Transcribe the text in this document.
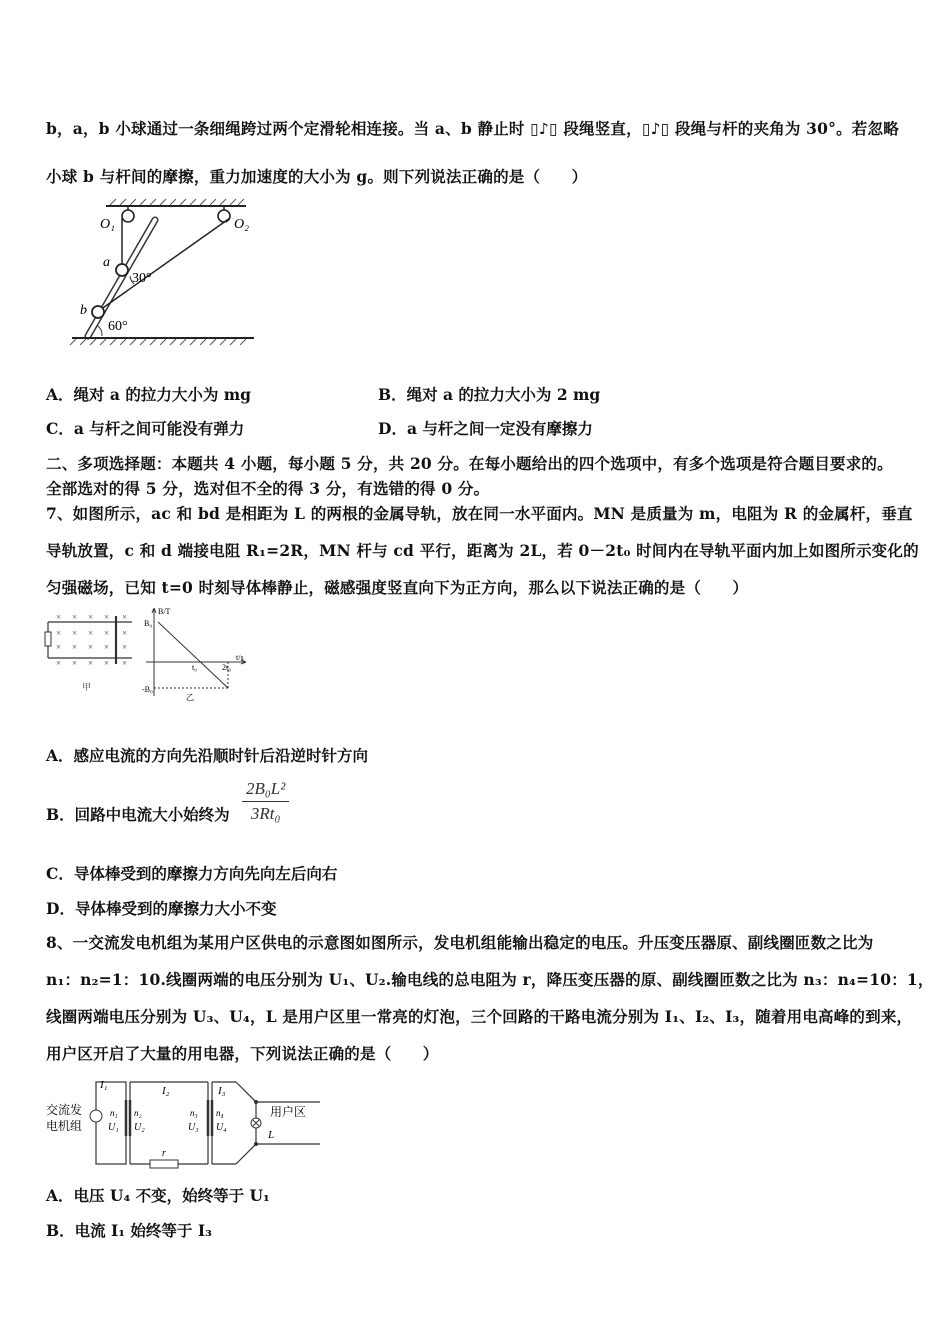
b，a，b 小球通过一条细绳跨过两个定滑轮相连接。当 a、b 静止时 ▯♪▯ 段绳竖直，▯♪▯ 段绳与杆的夹角为 30°。若忽略
小球 b 与杆间的摩擦，重力加速度的大小为 g。则下列说法正确的是（　　）
O₁	O₂
a
b
30°
60°
A．绳对 a 的拉力大小为 mg	B．绳对 a 的拉力大小为 2 mg
C．a 与杆之间可能没有弹力	D．a 与杆之间一定没有摩擦力
二、多项选择题：本题共 4 小题，每小题 5 分，共 20 分。在每小题给出的四个选项中，有多个选项是符合题目要求的。
全部选对的得 5 分，选对但不全的得 3 分，有选错的得 0 分。
7、如图所示，ac 和 bd 是相距为 L 的两根的金属导轨，放在同一水平面内。MN 是质量为 m，电阻为 R 的金属杆，垂直
导轨放置，c 和 d 端接电阻 R₁=2R，MN 杆与 cd 平行，距离为 2L，若 0－2t₀ 时间内在导轨平面内加上如图所示变化的
匀强磁场，已知 t=0 时刻导体棒静止，磁感强度竖直向下为正方向，那么以下说法正确的是（　　）
× × × × ×
× × × × ×
× × × × ×
× × × × ×
甲
B/T
t/s
B₀
-B₀
t₀	2t₀
乙
A．感应电流的方向先沿顺时针后沿逆时针方向
B．回路中电流大小始终为 $\frac{\text{2B₀L²}}{\text{3Rt₀}}$
C．导体棒受到的摩擦力方向先向左后向右
D．导体棒受到的摩擦力大小不变
8、一交流发电机组为某用户区供电的示意图如图所示，发电机组能输出稳定的电压。升压变压器原、副线圈匝数之比为
n₁：n₂=1：10.线圈两端的电压分别为 U₁、U₂.输电线的总电阻为 r，降压变压器的原、副线圈匝数之比为 n₃：n₄=10：1，
线圈两端电压分别为 U₃、U₄，L 是用户区里一常亮的灯泡，三个回路的干路电流分别为 I₁、I₂、I₃，随着用电高峰的到来，
用户区开启了大量的用电器，下列说法正确的是（　　）
交流发
电机组
I₁
n₁
U₁
r
I₂
n₂
U₂
n₃
U₃
I₃
n₄
U₄
用户区
L
A．电压 U₄ 不变，始终等于 U₁
B．电流 I₁ 始终等于 I₃
